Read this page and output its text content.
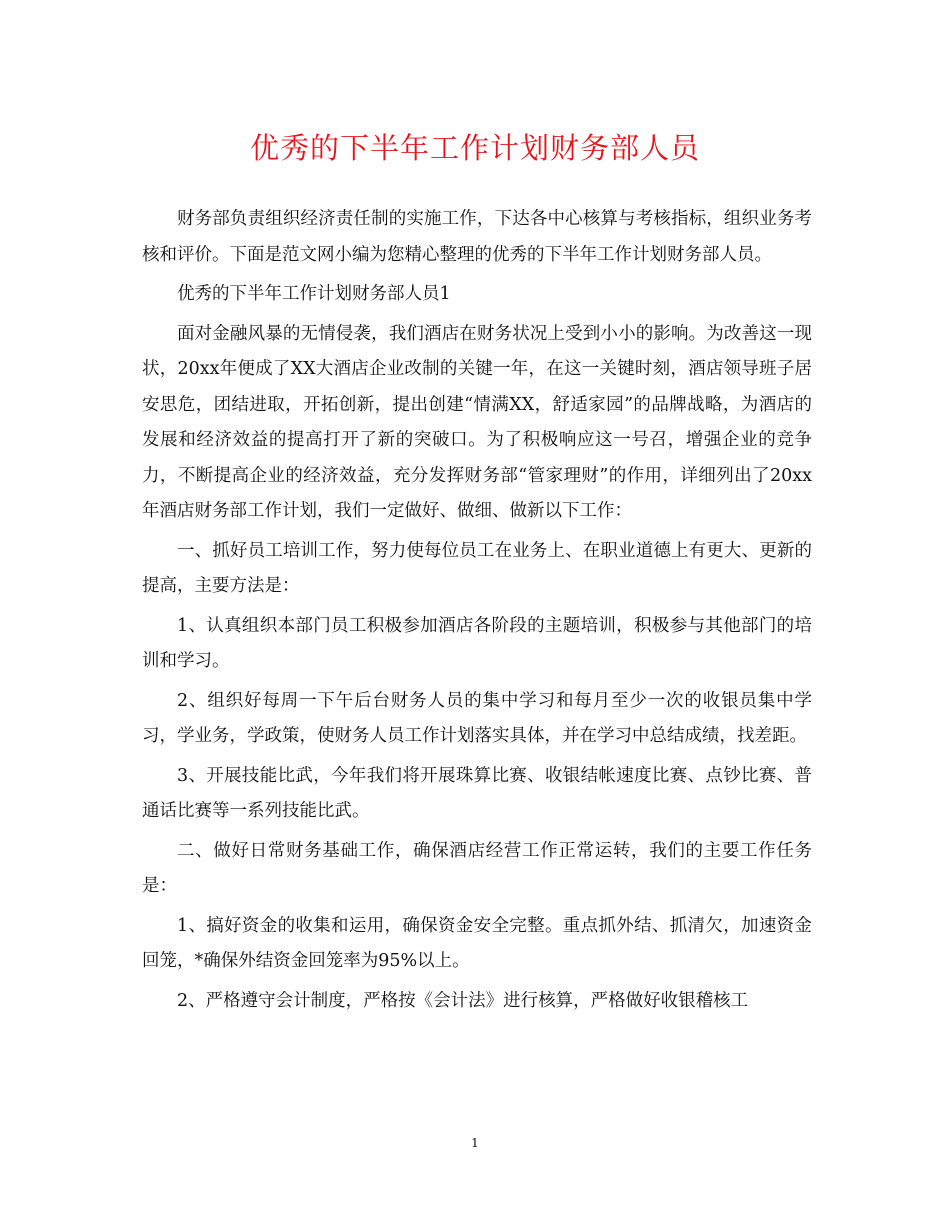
优秀的下半年工作计划财务部人员

财务部负责组织经济责任制的实施工作，下达各中心核算与考核指标，组织业务考核和评价。下面是范文网小编为您精心整理的优秀的下半年工作计划财务部人员。

优秀的下半年工作计划财务部人员1

面对金融风暴的无情侵袭，我们酒店在财务状况上受到小小的影响。为改善这一现状，20xx年便成了XX大酒店企业改制的关键一年，在这一关键时刻，酒店领导班子居安思危，团结进取，开拓创新，提出创建“情满XX，舒适家园”的品牌战略，为酒店的发展和经济效益的提高打开了新的突破口。为了积极响应这一号召，增强企业的竞争力，不断提高企业的经济效益，充分发挥财务部“管家理财”的作用，详细列出了20xx年酒店财务部工作计划，我们一定做好、做细、做新以下工作：

一、抓好员工培训工作，努力使每位员工在业务上、在职业道德上有更大、更新的提高，主要方法是：

1、认真组织本部门员工积极参加酒店各阶段的主题培训，积极参与其他部门的培训和学习。

2、组织好每周一下午后台财务人员的集中学习和每月至少一次的收银员集中学习，学业务，学政策，使财务人员工作计划落实具体，并在学习中总结成绩，找差距。

3、开展技能比武，今年我们将开展珠算比赛、收银结帐速度比赛、点钞比赛、普通话比赛等一系列技能比武。

二、做好日常财务基础工作，确保酒店经营工作正常运转，我们的主要工作任务是：

1、搞好资金的收集和运用，确保资金安全完整。重点抓外结、抓清欠，加速资金回笼，*确保外结资金回笼率为95%以上。

2、严格遵守会计制度，严格按《会计法》进行核算，严格做好收银稽核工

1
